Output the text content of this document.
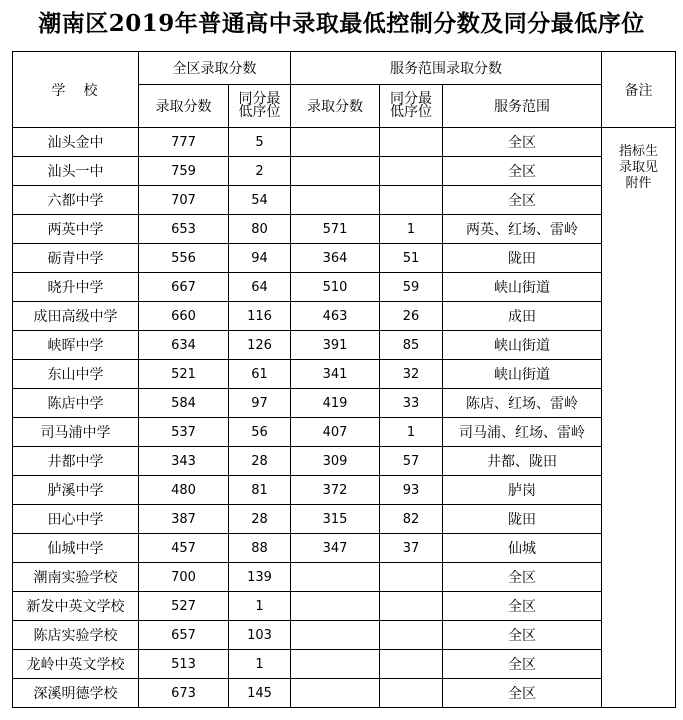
潮南区2019年普通高中录取最低控制分数及同分最低序位
学　校	全区录取分数		服务范围录取分数			备注
	录取分数	同分最
低序位	录取分数	同分最
低序位	服务范围	
汕头金中	777	5			全区	指标生
录取见
附件

汕头一中	759	2			全区	
六都中学	707	54			全区	
两英中学	653	80	571	1	两英、红场、雷岭	
砺青中学	556	94	364	51	陇田	
晓升中学	667	64	510	59	峡山街道	
成田高级中学	660	116	463	26	成田	
峡晖中学	634	126	391	85	峡山街道	
东山中学	521	61	341	32	峡山街道	
陈店中学	584	97	419	33	陈店、红场、雷岭	
司马浦中学	537	56	407	1	司马浦、红场、雷岭	
井都中学	343	28	309	57	井都、陇田	
胪溪中学	480	81	372	93	胪岗	
田心中学	387	28	315	82	陇田	
仙城中学	457	88	347	37	仙城	
潮南实验学校	700	139			全区	
新发中英文学校	527	1			全区	
陈店实验学校	657	103			全区	
龙岭中英文学校	513	1			全区	
深溪明德学校	673	145			全区	
